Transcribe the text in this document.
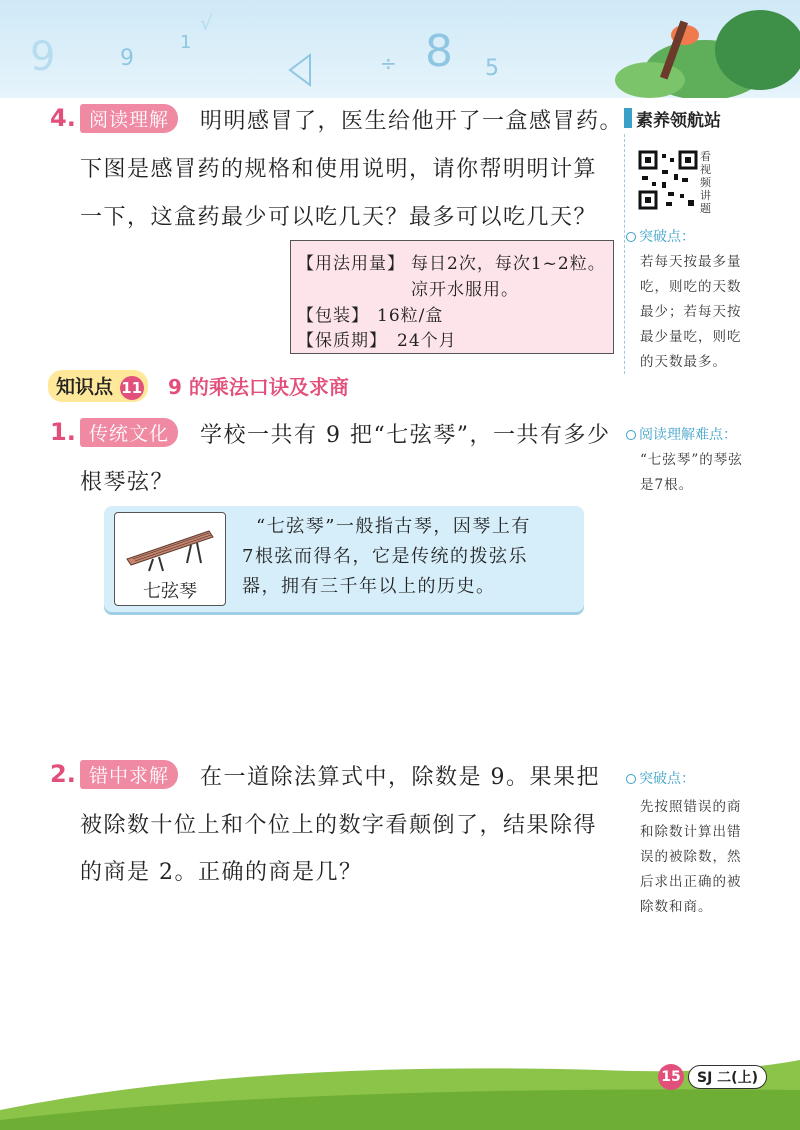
9	9
1
÷ 8 5
√
4. 阅读理解	明明感冒了，医生给他开了一盒感冒药。
下图是感冒药的规格和使用说明，请你帮明明计算
一下，这盒药最少可以吃几天？最多可以吃几天？
【用法用量】 每日2次，每次1~2粒。
凉开水服用。
【包装】 16粒/盒
【保质期】 24个月
素养领航站
看视频讲题
突破点：
若每天按最多量
吃，则吃的天数
最少；若每天按
最少量吃，则吃
的天数最多。
知识点 11 9 的乘法口诀及求商
1. 传统文化	学校一共有 9 把“七弦琴”，一共有多少
根琴弦？
阅读理解难点：
“七弦琴”的琴弦
是7根。
七弦琴
“七弦琴”一般指古琴，因琴上有
7根弦而得名，它是传统的拨弦乐
器，拥有三千年以上的历史。
2. 错中求解	在一道除法算式中，除数是 9。果果把
被除数十位上和个位上的数字看颠倒了，结果除得
的商是 2。正确的商是几？
突破点：
先按照错误的商
和除数计算出错
误的被除数，然
后求出正确的被
除数和商。
15	SJ 二(上)
